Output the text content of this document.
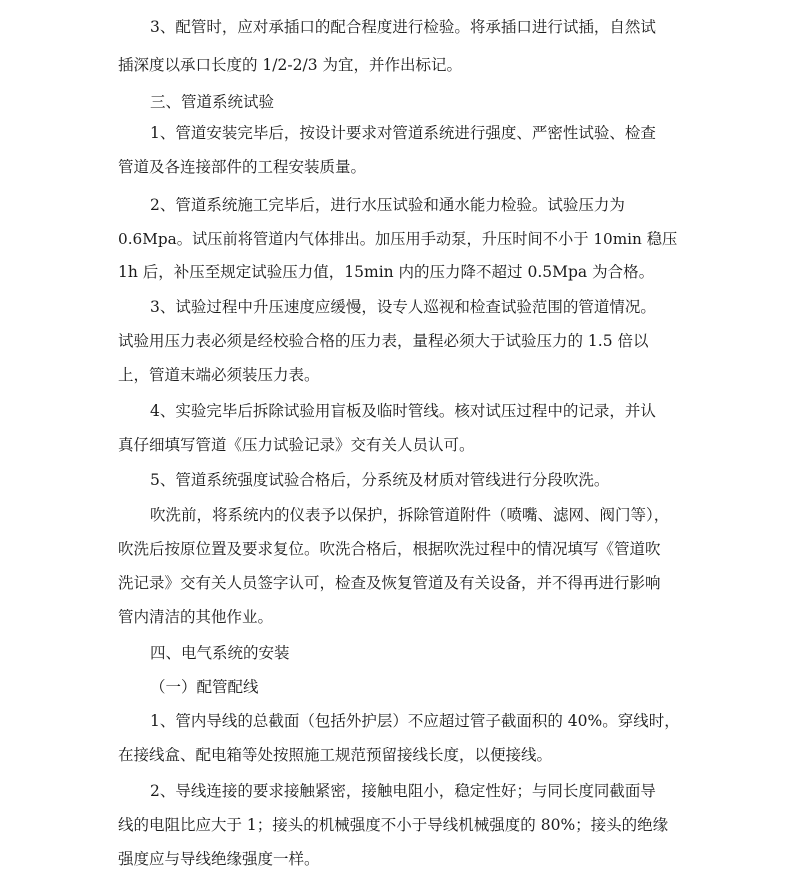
3、配管时，应对承插口的配合程度进行检验。将承插口进行试插，自然试
插深度以承口长度的 1/2-2/3 为宜，并作出标记。
三、管道系统试验
1、管道安装完毕后，按设计要求对管道系统进行强度、严密性试验、检查
管道及各连接部件的工程安装质量。
2、管道系统施工完毕后，进行水压试验和通水能力检验。试验压力为
0.6Mpa。试压前将管道内气体排出。加压用手动泵，升压时间不小于 10min 稳压
1h 后，补压至规定试验压力值，15min 内的压力降不超过 0.5Mpa 为合格。
3、试验过程中升压速度应缓慢，设专人巡视和检查试验范围的管道情况。
试验用压力表必须是经校验合格的压力表，量程必须大于试验压力的 1.5 倍以
上，管道末端必须装压力表。
4、实验完毕后拆除试验用盲板及临时管线。核对试压过程中的记录，并认
真仔细填写管道《压力试验记录》交有关人员认可。
5、管道系统强度试验合格后，分系统及材质对管线进行分段吹洗。
吹洗前，将系统内的仪表予以保护，拆除管道附件（喷嘴、滤网、阀门等），
吹洗后按原位置及要求复位。吹洗合格后，根据吹洗过程中的情况填写《管道吹
洗记录》交有关人员签字认可，检查及恢复管道及有关设备，并不得再进行影响
管内清洁的其他作业。
四、电气系统的安装
（一）配管配线
1、管内导线的总截面（包括外护层）不应超过管子截面积的 40%。穿线时，
在接线盒、配电箱等处按照施工规范预留接线长度，以便接线。
2、导线连接的要求接触紧密，接触电阻小，稳定性好；与同长度同截面导
线的电阻比应大于 1；接头的机械强度不小于导线机械强度的 80%；接头的绝缘
强度应与导线绝缘强度一样。
